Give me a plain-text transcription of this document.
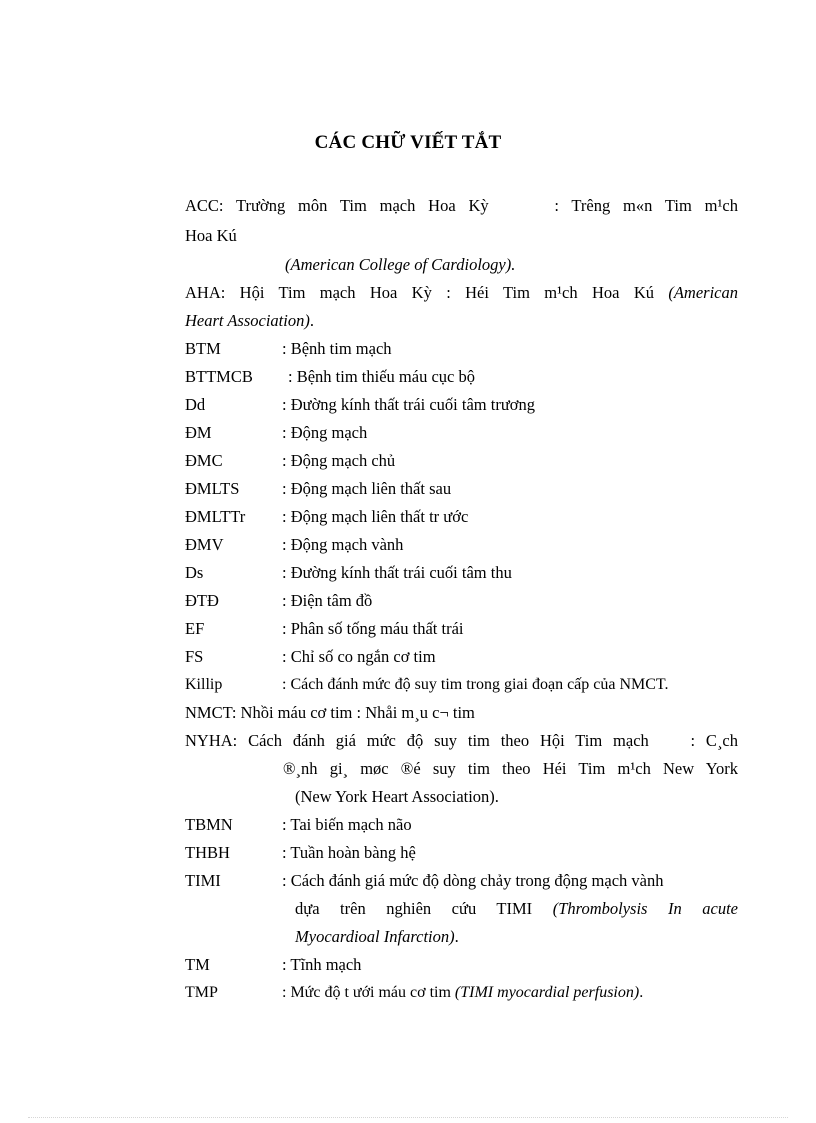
CÁC CHỮ VIẾT TẮT
ACC: Trường môn Tim mạch Hoa Kỳ	: Trêng m«n Tim m¹ch
Hoa Kú
(American College of Cardiology).
AHA: Hội Tim mạch Hoa Kỳ : Héi Tim m¹ch Hoa Kú (American
Heart Association).
BTM	: Bệnh tim mạch
BTTMCB : Bệnh tim thiếu máu cục bộ
Dd	: Đường kính thất trái cuối tâm trương
ĐM	: Động mạch
ĐMC	: Động mạch chủ
ĐMLTS	: Động mạch liên thất sau
ĐMLTTr : Động mạch liên thất tr ước
ĐMV	: Động mạch vành
Ds	: Đường kính thất trái cuối tâm thu
ĐTĐ	: Điện tâm đồ
EF	: Phân số tống máu thất trái
FS	: Chỉ số co ngắn cơ tim
Killip	: Cách đánh mức độ suy tim trong giai đoạn cấp của NMCT.
NMCT: Nhồi máu cơ tim : Nhåi m¸u c¬ tim
NYHA: Cách đánh giá mức độ suy tim theo Hội Tim mạch	: C¸ch
®¸nh gi¸ møc ®é suy tim theo Héi Tim m¹ch New York
(New York Heart Association).
TBMN	: Tai biến mạch não
THBH	: Tuần hoàn bàng hệ
TIMI	: Cách đánh giá mức độ dòng chảy trong động mạch vành
dựa trên nghiên cứu TIMI (Thrombolysis In acute
Myocardioal Infarction).
TM	: Tĩnh mạch
TMP	: Mức độ t ưới máu cơ tim (TIMI myocardial perfusion).
